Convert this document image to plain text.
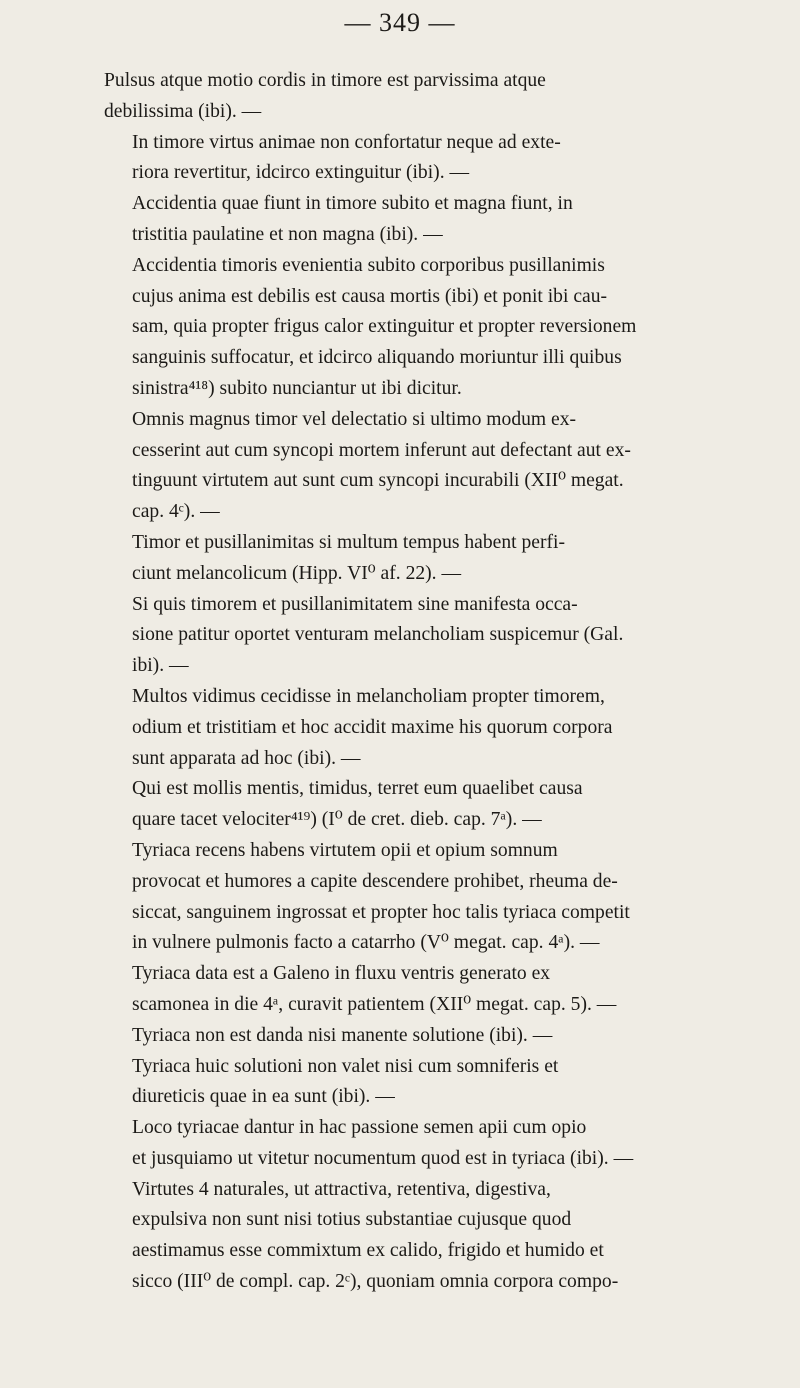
— 349 —

Pulsus atque motio cordis in timore est parvissima atque
debilissima (ibi). —

In timore virtus animae non confortatur neque ad exte-
riora revertitur, idcirco extinguitur (ibi). —

Accidentia quae fiunt in timore subito et magna fiunt, in
tristitia paulatine et non magna (ibi). —

Accidentia timoris evenientia subito corporibus pusillanimis
cujus anima est debilis est causa mortis (ibi) et ponit ibi cau-
sam, quia propter frigus calor extinguitur et propter reversionem
sanguinis suffocatur, et idcirco aliquando moriuntur illi quibus
sinistra⁴¹⁸) subito nunciantur ut ibi dicitur.

Omnis magnus timor vel delectatio si ultimo modum ex-
cesserint aut cum syncopi mortem inferunt aut defectant aut ex-
tinguunt virtutem aut sunt cum syncopi incurabili (XII⁰ megat.
cap. 4ᶜ). —

Timor et pusillanimitas si multum tempus habent perfi-
ciunt melancolicum (Hipp. VI⁰ af. 22). —

Si quis timorem et pusillanimitatem sine manifesta occa-
sione patitur oportet venturam melancholiam suspicemur (Gal.
ibi). —

Multos vidimus cecidisse in melancholiam propter timorem,
odium et tristitiam et hoc accidit maxime his quorum corpora
sunt apparata ad hoc (ibi). —

Qui est mollis mentis, timidus, terret eum quaelibet causa
quare tacet velociter⁴¹⁹) (I⁰ de cret. dieb. cap. 7ᵃ). —

Tyriaca recens habens virtutem opii et opium somnum
provocat et humores a capite descendere prohibet, rheuma de-
siccat, sanguinem ingrossat et propter hoc talis tyriaca competit
in vulnere pulmonis facto a catarrho (V⁰ megat. cap. 4ᵃ). —

Tyriaca data est a Galeno in fluxu ventris generato ex
scamonea in die 4ᵃ, curavit patientem (XII⁰ megat. cap. 5). —

Tyriaca non est danda nisi manente solutione (ibi). —

Tyriaca huic solutioni non valet nisi cum somniferis et
diureticis quae in ea sunt (ibi). —

Loco tyriacae dantur in hac passione semen apii cum opio
et jusquiamo ut vitetur nocumentum quod est in tyriaca (ibi). —

Virtutes 4 naturales, ut attractiva, retentiva, digestiva,
expulsiva non sunt nisi totius substantiae cujusque quod
aestimamus esse commixtum ex calido, frigido et humido et
sicco (III⁰ de compl. cap. 2ᶜ), quoniam omnia corpora compo-
